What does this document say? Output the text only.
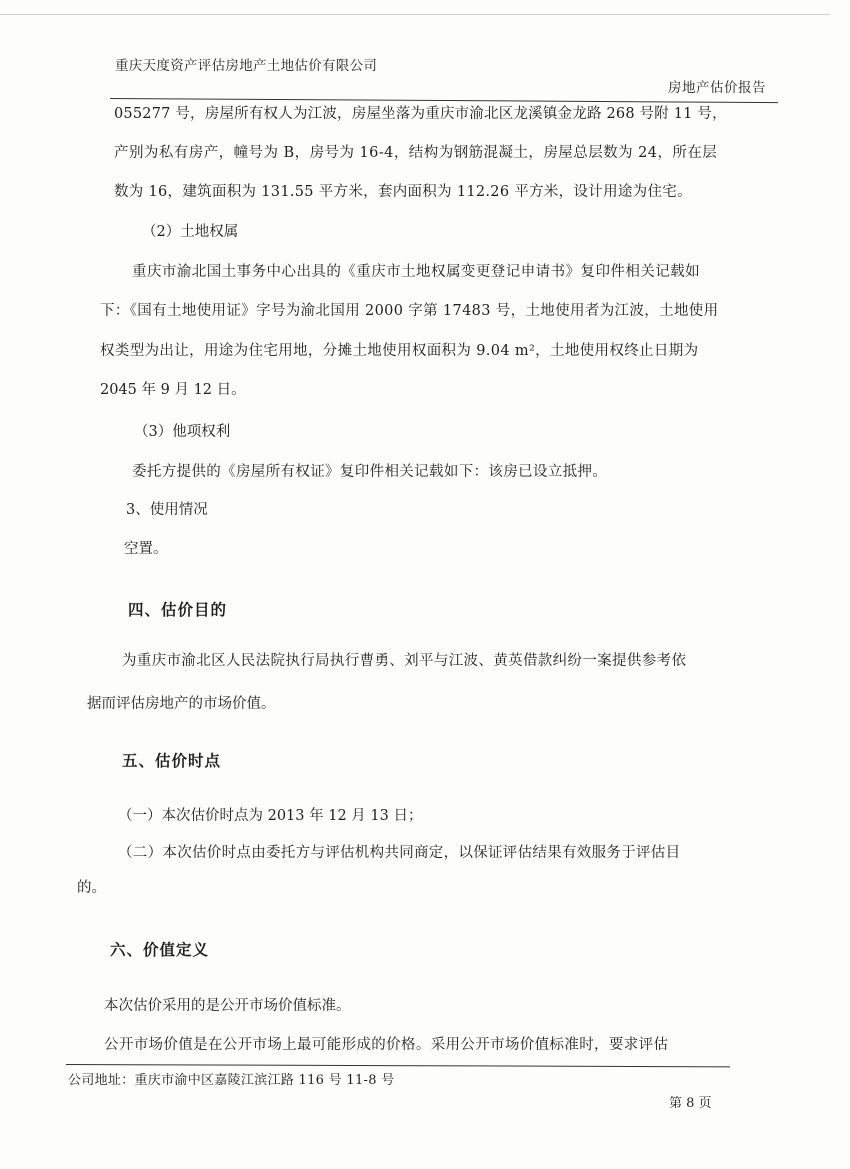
重庆天度资产评估房地产土地估价有限公司
房地产估价报告
055277 号，房屋所有权人为江波，房屋坐落为重庆市渝北区龙溪镇金龙路 268 号附 11 号，
产别为私有房产，幢号为 B，房号为 16-4，结构为钢筋混凝土，房屋总层数为 24，所在层
数为 16，建筑面积为 131.55 平方米，套内面积为 112.26 平方米，设计用途为住宅。
（2）土地权属
重庆市渝北国土事务中心出具的《重庆市土地权属变更登记申请书》复印件相关记载如
下：《国有土地使用证》字号为渝北国用 2000 字第 17483 号，土地使用者为江波，土地使用
权类型为出让，用途为住宅用地，分摊土地使用权面积为 9.04 m²，土地使用权终止日期为
2045 年 9 月 12 日。
（3）他项权利
委托方提供的《房屋所有权证》复印件相关记载如下：该房已设立抵押。
3、使用情况
空置。
四、估价目的
为重庆市渝北区人民法院执行局执行曹勇、刘平与江波、黄英借款纠纷一案提供参考依
据而评估房地产的市场价值。
五、估价时点
（一）本次估价时点为 2013 年 12 月 13 日；
（二）本次估价时点由委托方与评估机构共同商定，以保证评估结果有效服务于评估目
的。
六、价值定义
本次估价采用的是公开市场价值标准。
公开市场价值是在公开市场上最可能形成的价格。采用公开市场价值标准时，要求评估
公司地址：重庆市渝中区嘉陵江滨江路 116 号 11-8 号
第 8 页
